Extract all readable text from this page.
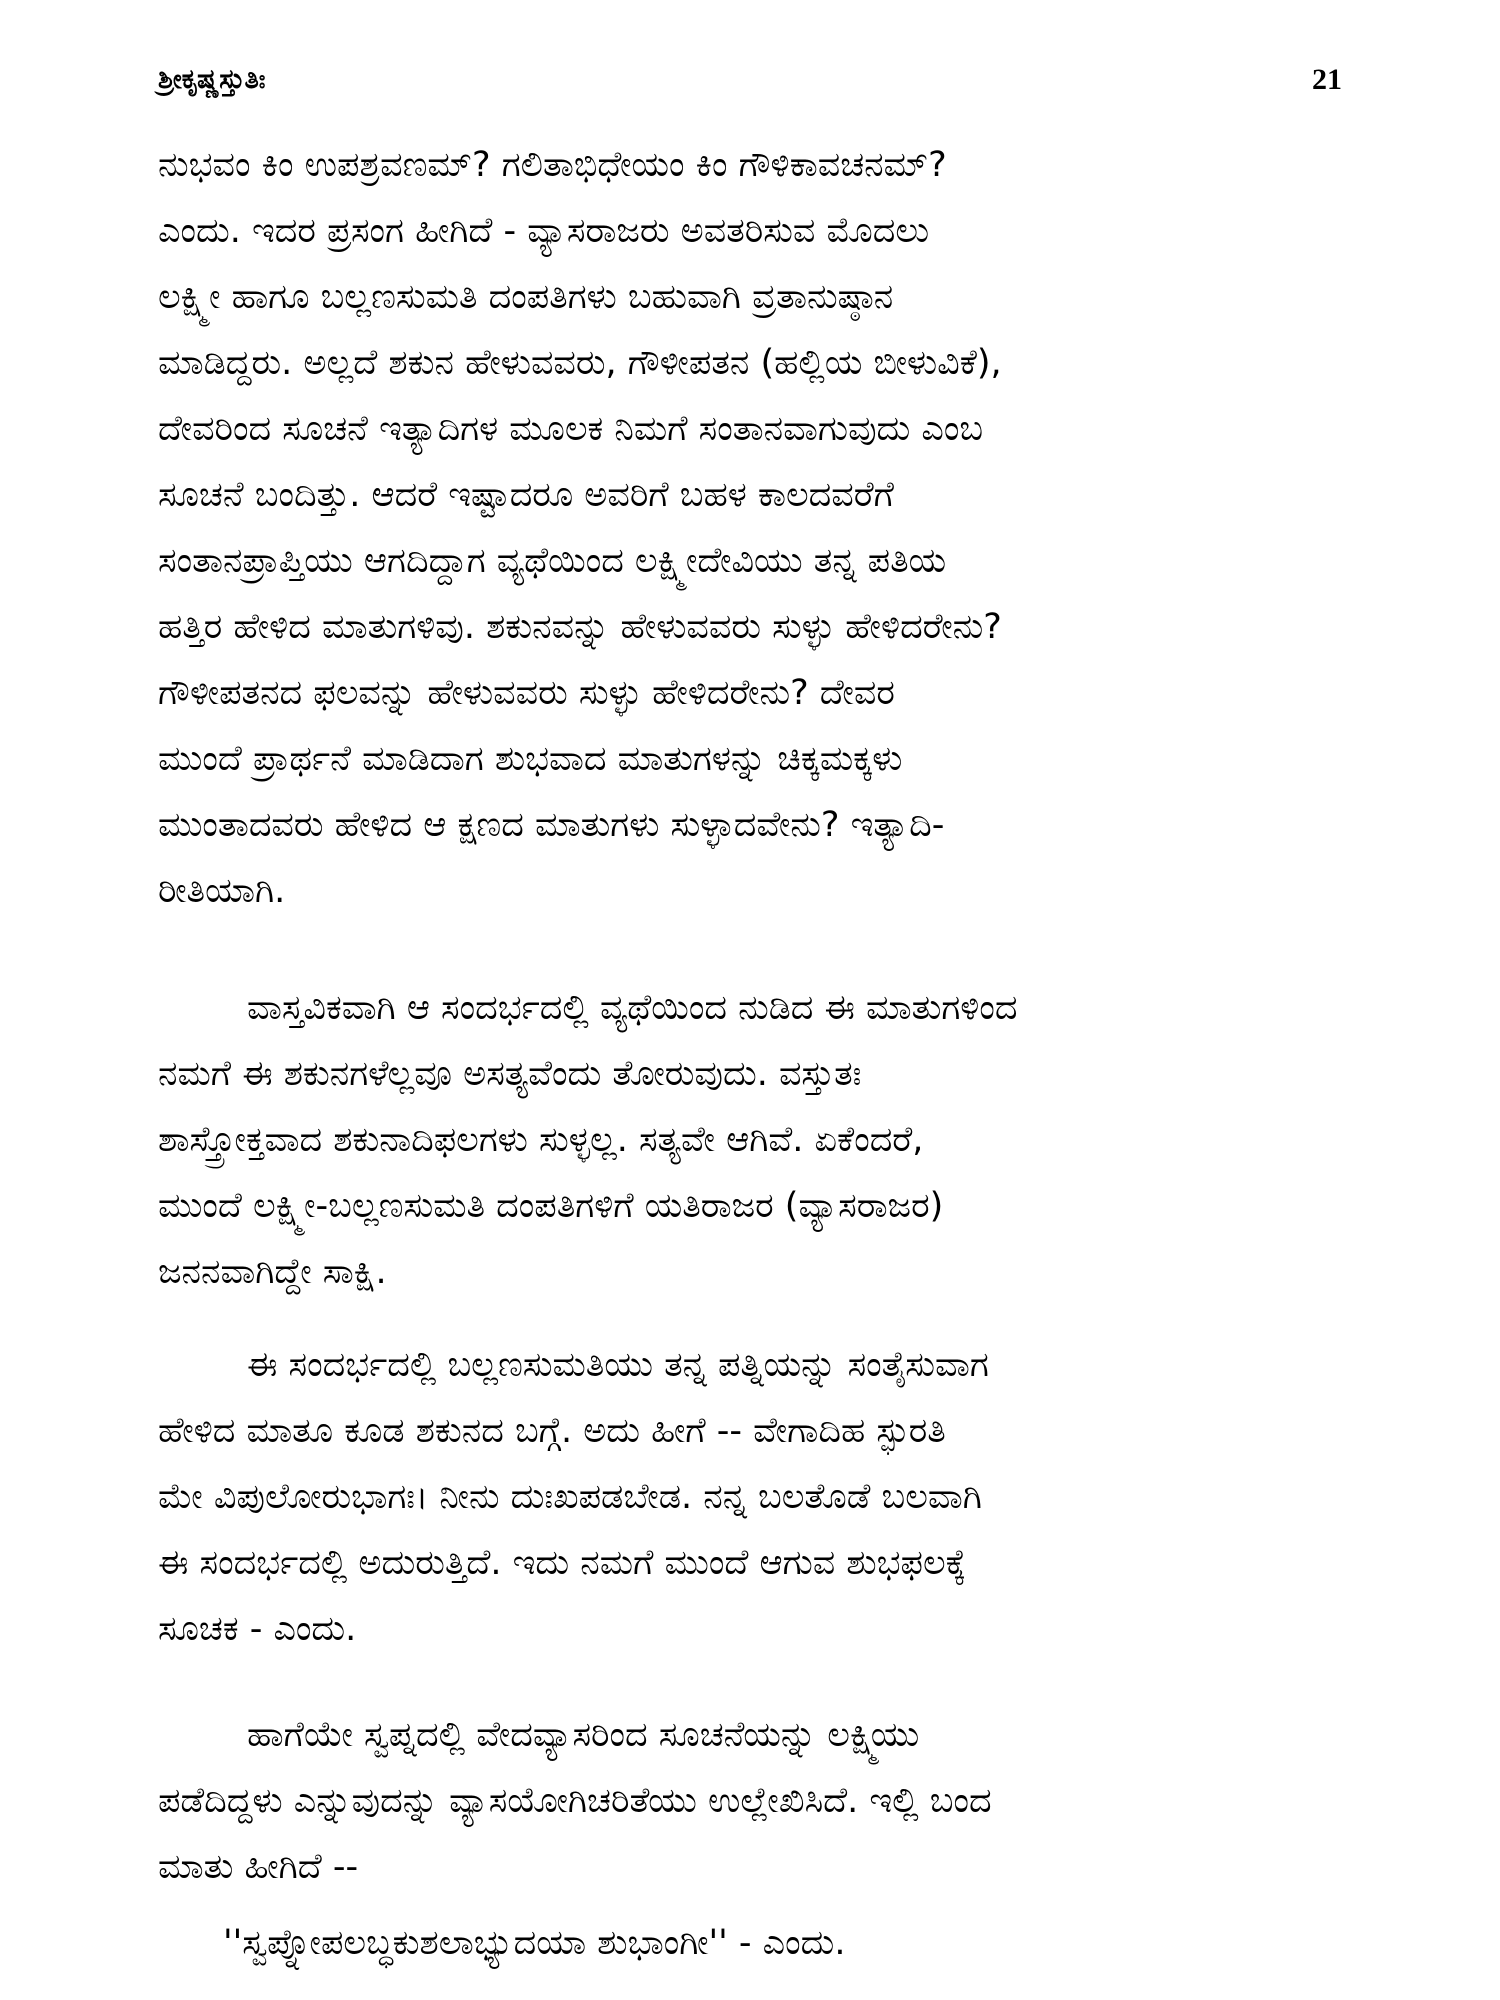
ಶ್ರೀಕೃಷ್ಣಸ್ತುತಿಃ	21

ನುಭವಂ ಕಿಂ ಉಪಶ್ರವಣಮ್? ಗಲಿತಾಭಿಧೇಯಂ ಕಿಂ ಗೌಳಿಕಾವಚನಮ್?
ಎಂದು. ಇದರ ಪ್ರಸಂಗ ಹೀಗಿದೆ - ವ್ಯಾಸರಾಜರು ಅವತರಿಸುವ ಮೊದಲು
ಲಕ್ಷ್ಮೀ ಹಾಗೂ ಬಲ್ಲಣಸುಮತಿ ದಂಪತಿಗಳು ಬಹುವಾಗಿ ವ್ರತಾನುಷ್ಠಾನ
ಮಾಡಿದ್ದರು. ಅಲ್ಲದೆ ಶಕುನ ಹೇಳುವವರು, ಗೌಳೀಪತನ (ಹಲ್ಲಿಯ ಬೀಳುವಿಕೆ),
ದೇವರಿಂದ ಸೂಚನೆ ಇತ್ಯಾದಿಗಳ ಮೂಲಕ ನಿಮಗೆ ಸಂತಾನವಾಗುವುದು ಎಂಬ
ಸೂಚನೆ ಬಂದಿತ್ತು. ಆದರೆ ಇಷ್ಟಾದರೂ ಅವರಿಗೆ ಬಹಳ ಕಾಲದವರೆಗೆ
ಸಂತಾನಪ್ರಾಪ್ತಿಯು ಆಗದಿದ್ದಾಗ ವ್ಯಥೆಯಿಂದ ಲಕ್ಷ್ಮೀದೇವಿಯು ತನ್ನ ಪತಿಯ
ಹತ್ತಿರ ಹೇಳಿದ ಮಾತುಗಳಿವು. ಶಕುನವನ್ನು ಹೇಳುವವರು ಸುಳ್ಳು ಹೇಳಿದರೇನು?
ಗೌಳೀಪತನದ ಫಲವನ್ನು ಹೇಳುವವರು ಸುಳ್ಳು ಹೇಳಿದರೇನು? ದೇವರ
ಮುಂದೆ ಪ್ರಾರ್ಥನೆ ಮಾಡಿದಾಗ ಶುಭವಾದ ಮಾತುಗಳನ್ನು ಚಿಕ್ಕಮಕ್ಕಳು
ಮುಂತಾದವರು ಹೇಳಿದ ಆ ಕ್ಷಣದ ಮಾತುಗಳು ಸುಳ್ಳಾದವೇನು? ಇತ್ಯಾದಿ-
ರೀತಿಯಾಗಿ.

ವಾಸ್ತವಿಕವಾಗಿ ಆ ಸಂದರ್ಭದಲ್ಲಿ ವ್ಯಥೆಯಿಂದ ನುಡಿದ ಈ ಮಾತುಗಳಿಂದ
ನಮಗೆ ಈ ಶಕುನಗಳೆಲ್ಲವೂ ಅಸತ್ಯವೆಂದು ತೋರುವುದು. ವಸ್ತುತಃ
ಶಾಸ್ತ್ರೋಕ್ತವಾದ ಶಕುನಾದಿಫಲಗಳು ಸುಳ್ಳಲ್ಲ. ಸತ್ಯವೇ ಆಗಿವೆ. ಏಕೆಂದರೆ,
ಮುಂದೆ ಲಕ್ಷ್ಮೀ-ಬಲ್ಲಣಸುಮತಿ ದಂಪತಿಗಳಿಗೆ ಯತಿರಾಜರ (ವ್ಯಾಸರಾಜರ)
ಜನನವಾಗಿದ್ದೇ ಸಾಕ್ಷಿ.

ಈ ಸಂದರ್ಭದಲ್ಲಿ ಬಲ್ಲಣಸುಮತಿಯು ತನ್ನ ಪತ್ನಿಯನ್ನು ಸಂತೈಸುವಾಗ
ಹೇಳಿದ ಮಾತೂ ಕೂಡ ಶಕುನದ ಬಗ್ಗೆ. ಅದು ಹೀಗೆ -- ವೇಗಾದಿಹ ಸ್ಫುರತಿ
ಮೇ ವಿಪುಲೋರುಭಾಗಃ। ನೀನು ದುಃಖಪಡಬೇಡ. ನನ್ನ ಬಲತೊಡೆ ಬಲವಾಗಿ
ಈ ಸಂದರ್ಭದಲ್ಲಿ ಅದುರುತ್ತಿದೆ. ಇದು ನಮಗೆ ಮುಂದೆ ಆಗುವ ಶುಭಫಲಕ್ಕೆ
ಸೂಚಕ - ಎಂದು.

ಹಾಗೆಯೇ ಸ್ವಪ್ನದಲ್ಲಿ ವೇದವ್ಯಾಸರಿಂದ ಸೂಚನೆಯನ್ನು ಲಕ್ಷ್ಮಿಯು
ಪಡೆದಿದ್ದಳು ಎನ್ನುವುದನ್ನು ವ್ಯಾಸಯೋಗಿಚರಿತೆಯು ಉಲ್ಲೇಖಿಸಿದೆ. ಇಲ್ಲಿ ಬಂದ
ಮಾತು ಹೀಗಿದೆ --

''ಸ್ವಪ್ನೋಪಲಬ್ಧಕುಶಲಾಭ್ಯುದಯಾ ಶುಭಾಂಗೀ'' - ಎಂದು.
